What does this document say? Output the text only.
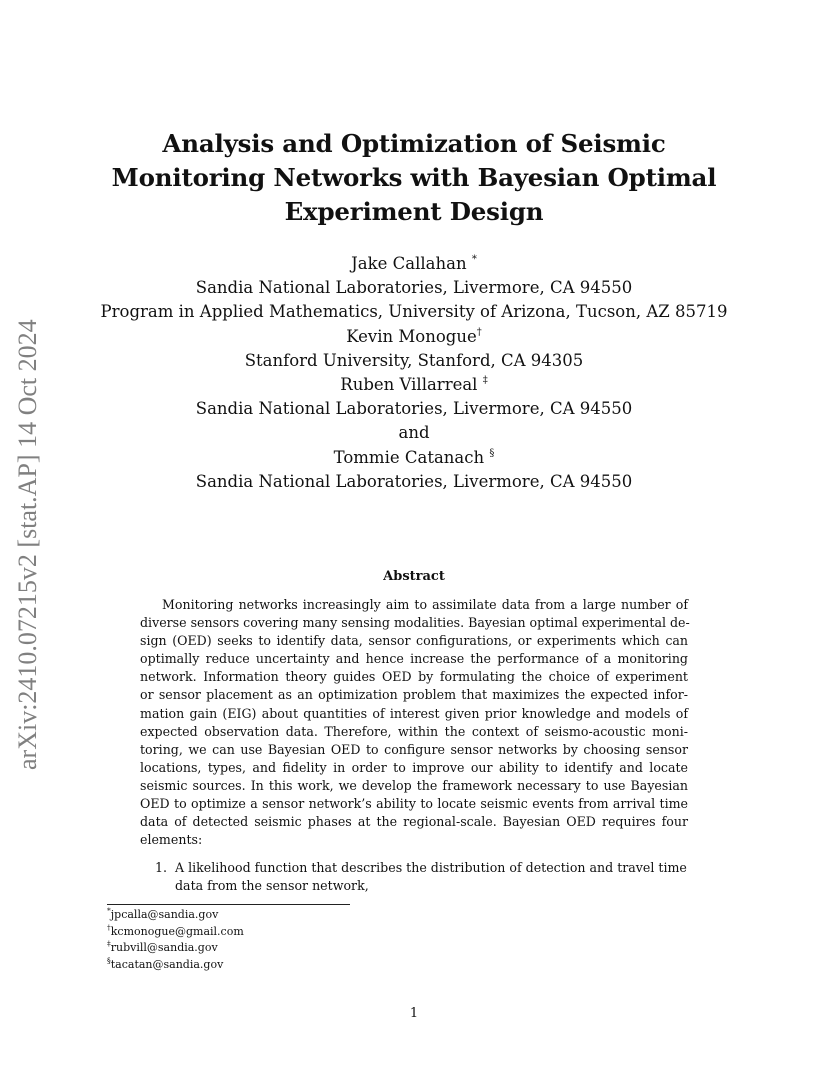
arXiv:2410.07215v2 [stat.AP] 14 Oct 2024
Analysis and Optimization of Seismic
Monitoring Networks with Bayesian Optimal
Experiment Design
Jake Callahan *
Sandia National Laboratories, Livermore, CA 94550
Program in Applied Mathematics, University of Arizona, Tucson, AZ 85719
Kevin Monogue†
Stanford University, Stanford, CA 94305
Ruben Villarreal ‡
Sandia National Laboratories, Livermore, CA 94550
and
Tommie Catanach §
Sandia National Laboratories, Livermore, CA 94550
Abstract
Monitoring networks increasingly aim to assimilate data from a large number of
diverse sensors covering many sensing modalities. Bayesian optimal experimental de-
sign (OED) seeks to identify data, sensor configurations, or experiments which can
optimally reduce uncertainty and hence increase the performance of a monitoring
network. Information theory guides OED by formulating the choice of experiment
or sensor placement as an optimization problem that maximizes the expected infor-
mation gain (EIG) about quantities of interest given prior knowledge and models of
expected observation data. Therefore, within the context of seismo-acoustic moni-
toring, we can use Bayesian OED to configure sensor networks by choosing sensor
locations, types, and fidelity in order to improve our ability to identify and locate
seismic sources. In this work, we develop the framework necessary to use Bayesian
OED to optimize a sensor network’s ability to locate seismic events from arrival time
data of detected seismic phases at the regional-scale. Bayesian OED requires four
elements:
1. A likelihood function that describes the distribution of detection and travel time
data from the sensor network,
*jpcalla@sandia.gov
†kcmonogue@gmail.com
‡rubvill@sandia.gov
§tacatan@sandia.gov
1
